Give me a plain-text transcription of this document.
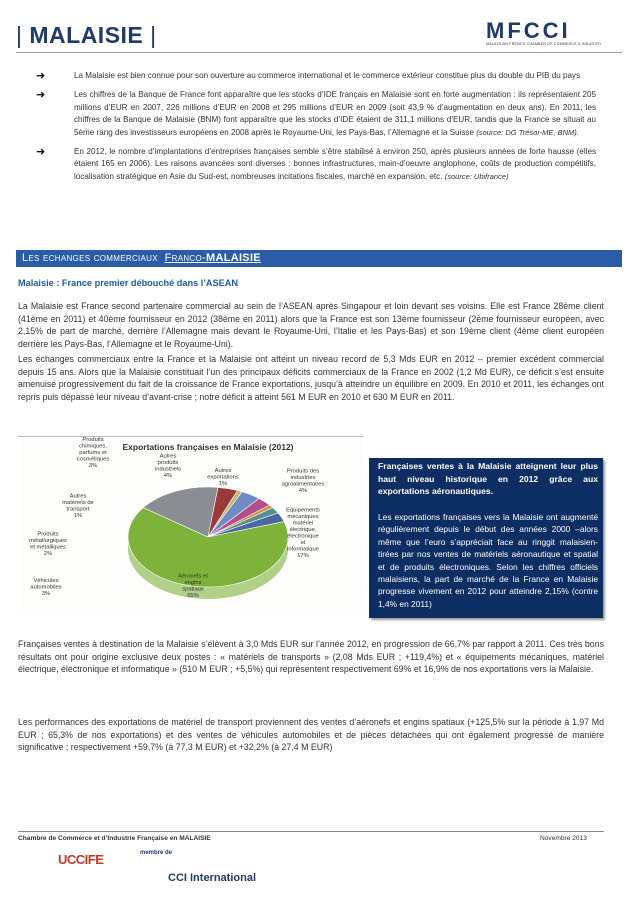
| MALAISIE |	MFCCI
MALAYSIAN FRENCH CHAMBER OF COMMERCE & INDUSTRY
➜	La Malaisie est bien connue pour son ouverture au commerce international et le commerce extérieur constitue plus du double du PIB du pays
➜	Les chiffres de la Banque de France font apparaître que les stocks d’IDE français en Malaisie sont en forte augmentation : ils représentaient 205 millions d’EUR en 2007, 226 millions d’EUR en 2008 et 295 millions d’EUR en 2009 (soit 43,9 % d’augmentation en deux ans). En 2011, les chiffres de la Banque de Malaisie (BNM) font apparaître que les stocks d’IDE étaient de 311,1 millions d’EUR, tandis que la France se situait au 5ème rang des investisseurs européens en 2008 après le Royaume-Uni, les Pays-Bas, l’Allemagne et la Suisse (source: DG Trésor-ME, BNM).
➜	En 2012, le nombre d’implantations d’entreprises françaises semble s’être stabilisé à environ 250, après plusieurs années de forte hausse (elles étaient 165 en 2006). Les raisons avancées sont diverses : bonnes infrastructures, main-d’oeuvre anglophone, coûts de production compétitifs, localisation stratégique en Asie du Sud-est, nombreuses incitations fiscales, marché en expansion, etc. (source: Ubifrance)
Les echanges commerciaux Franco-MALAISIE
Malaisie : France premier débouché dans l’ASEAN
La Malaisie est France second partenaire commercial au sein de l’ASEAN après Singapour et loin devant ses voisins. Elle est France 28ème client (41ème en 2011) et 40ème fournisseur en 2012 (38ème en 2011) alors que la France est son 13ème fournisseur (2ème fournisseur européen, avec 2,15% de part de marché, derrière l’Allemagne mais devant le Royaume-Uni, l’Italie et les Pays-Bas) et son 19ème client (4ème client européen derrière les Pays-Bas, l’Allemagne et le Royaume-Uni).
Les échanges commerciaux entre la France et la Malaisie ont atteint un niveau record de 5,3 Mds EUR en 2012 – premier excédent commercial depuis 15 ans. Alors que la Malaisie constituait l’un des principaux déficits commerciaux de la France en 2002 (1,2 Md EUR), ce déficit s’est ensuite amenuisé progressivement du fait de la croissance de France exportations, jusqu’à atteindre un équilibre en 2009. En 2010 et 2011, les échanges ont repris puis dépassé leur niveau d’avant-crise ; notre déficit a atteint 561 M EUR en 2010 et 630 M EUR en 2011.
Exportations françaises en Malaisie (2012)
Aéronefs et engins spatiaux 65%
Equipements mécaniques matériel électrique, électronique et informatique 17%
Produits des industries agroalimentaires 4%
Autres exportations 1%
Autres produits industriels 4%
Produits chimiques, parfums et cosmétiques 3%
Autres matériels de transport 1%
Produits métallurgiques et métalliques 2%
Véhicules automobiles 3%
Françaises ventes à la Malaisie atteignent leur plus haut niveau historique en 2012 grâce aux exportations aéronautiques.
Les exportations françaises vers la Malaisie ont augmenté régulièrement depuis le début des années 2000 –alors même que l’euro s’appréciait face au ringgit malaisien- tirées par nos ventes de matériels aéronautique et spatial et de produits électroniques. Selon les chiffres officiels malaisiens, la part de marché de la France en Malaisie progresse vivement en 2012 pour atteindre 2,15% (contre 1,4% en 2011)
Françaises ventes à destination de la Malaisie s’élèvent à 3,0 Mds EUR sur l’année 2012, en progression de 66,7% par rapport à 2011. Ces très bons résultats ont pour origine exclusive deux postes : « matériels de transports » (2,08 Mds EUR ; +119,4%) et « équipements mécaniques, matériel électrique, électronique et informatique » (510 M EUR ; +5,5%) qui représentent respectivement 69% et 16,9% de nos exportations vers la Malaisie.
Les performances des exportations de matériel de transport proviennent des ventes d’aéronefs et engins spatiaux (+125,5% sur la période à 1,97 Md EUR ; 65,3% de nos exportations) et des ventes de véhicules automobiles et de pièces détachées qui ont également progressé de manière significative ; respectivement +59,7% (à 77,3 M EUR) et +32,2% (à 27,4 M EUR)
Chambre de Commerce et d’Industrie Française en MALAISIE	Novembre 2013
UCCIFE	membre de
CCI International
